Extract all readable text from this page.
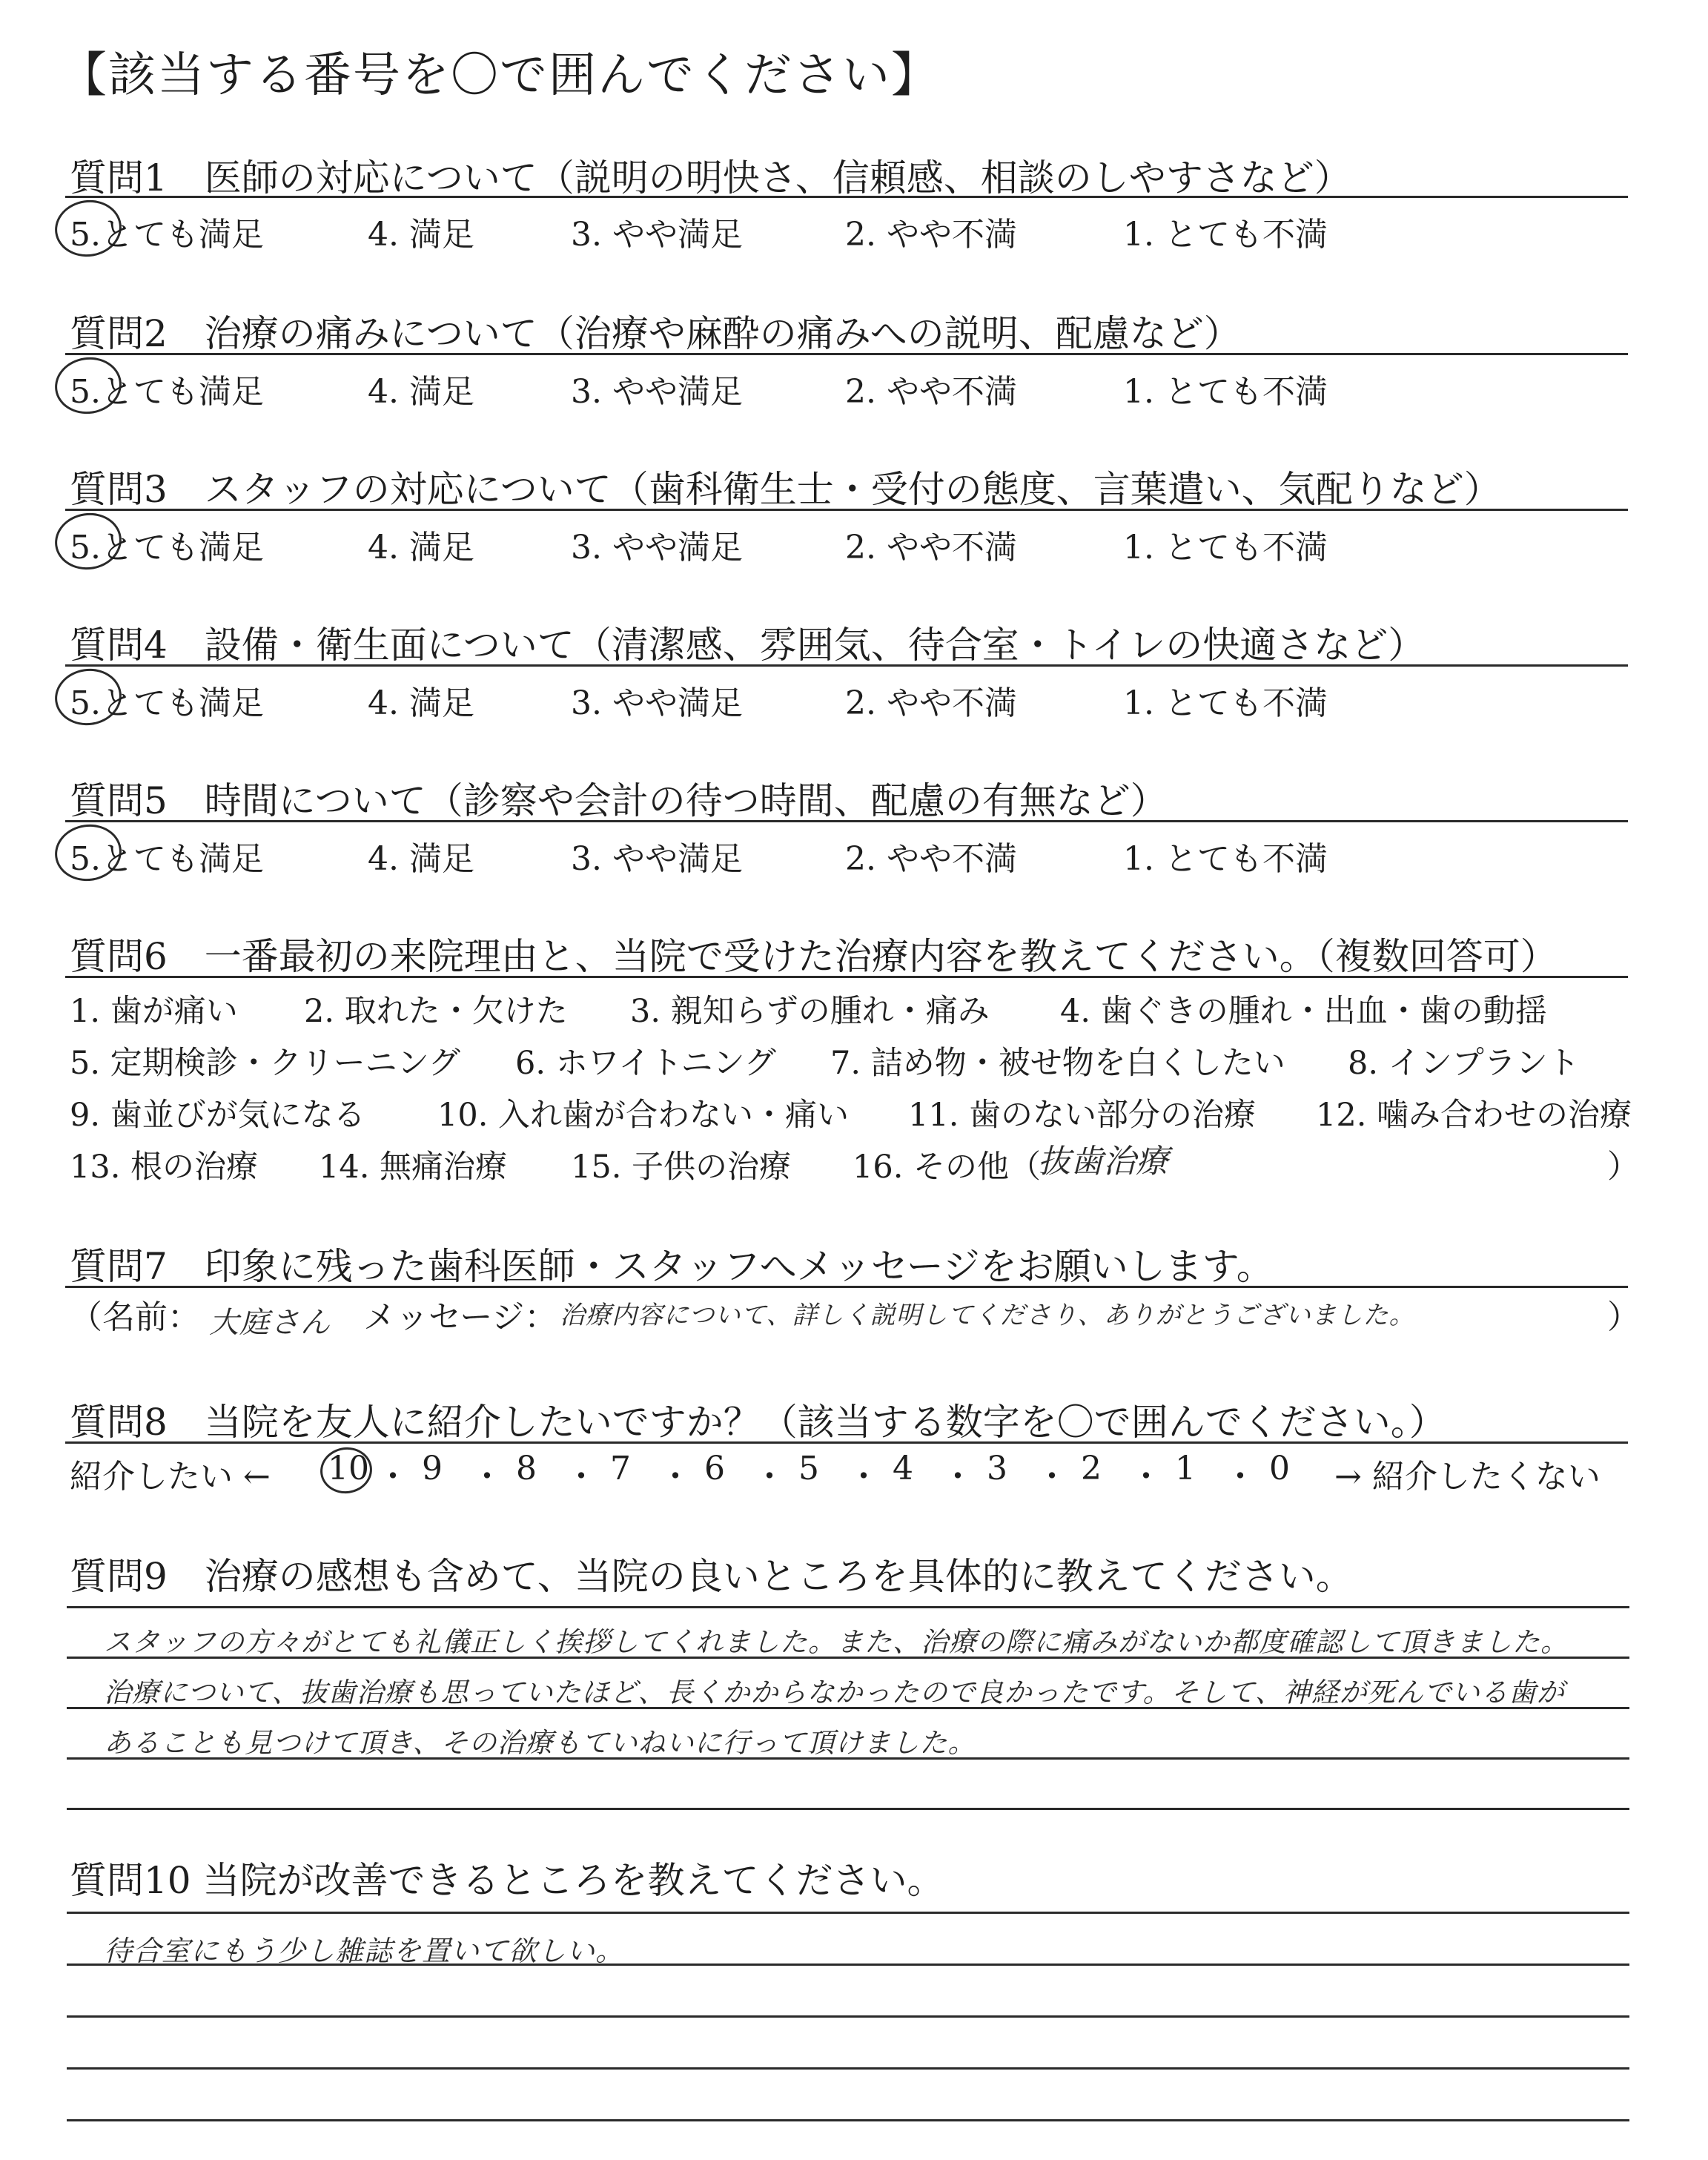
【該当する番号を〇で囲んでください】
質問1　医師の対応について（説明の明快さ、信頼感、相談のしやすさなど）
5.とても満足	4. 満足	3. やや満足	2. やや不満	1. とても不満
質問2　治療の痛みについて（治療や麻酔の痛みへの説明、配慮など）
5.とても満足	4. 満足	3. やや満足	2. やや不満	1. とても不満
質問3　スタッフの対応について（歯科衛生士・受付の態度、言葉遣い、気配りなど）
5.とても満足	4. 満足	3. やや満足	2. やや不満	1. とても不満
質問4　設備・衛生面について（清潔感、雰囲気、待合室・トイレの快適さなど）
5.とても満足	4. 満足	3. やや満足	2. やや不満	1. とても不満
質問5　時間について（診察や会計の待つ時間、配慮の有無など）
5.とても満足	4. 満足	3. やや満足	2. やや不満	1. とても不満
質問6　一番最初の来院理由と、当院で受けた治療内容を教えてください。（複数回答可）
1. 歯が痛い 2. 取れた・欠けた 3. 親知らずの腫れ・痛み 4. 歯ぐきの腫れ・出血・歯の動揺
5. 定期検診・クリーニング 6. ホワイトニング 7. 詰め物・被せ物を白くしたい 8. インプラント
9. 歯並びが気になる 10. 入れ歯が合わない・痛い 11. 歯のない部分の治療 12. 噛み合わせの治療
13. 根の治療 14. 無痛治療 15. 子供の治療 16. その他（
抜歯治療	）
質問7　印象に残った歯科医師・スタッフへメッセージをお願いします。
（名前： 大庭さん メッセージ： 治療内容について、詳しく説明してくださり、ありがとうございました。	）
質問8　当院を友人に紹介したいですか？（該当する数字を〇で囲んでください。）
紹介したい ← 10 ・ 9 ・ 8 ・ 7 ・ 6 ・ 5 ・ 4 ・ 3 ・ 2 ・ 1 ・ 0 → 紹介したくない
質問9　治療の感想も含めて、当院の良いところを具体的に教えてください。
スタッフの方々がとても礼儀正しく挨拶してくれました。また、治療の際に痛みがないか都度確認して頂きました。
治療について、抜歯治療も思っていたほど、長くかからなかったので良かったです。そして、神経が死んでいる歯が
あることも見つけて頂き、その治療もていねいに行って頂けました。
質問10 当院が改善できるところを教えてください。
待合室にもう少し雑誌を置いて欲しい。
